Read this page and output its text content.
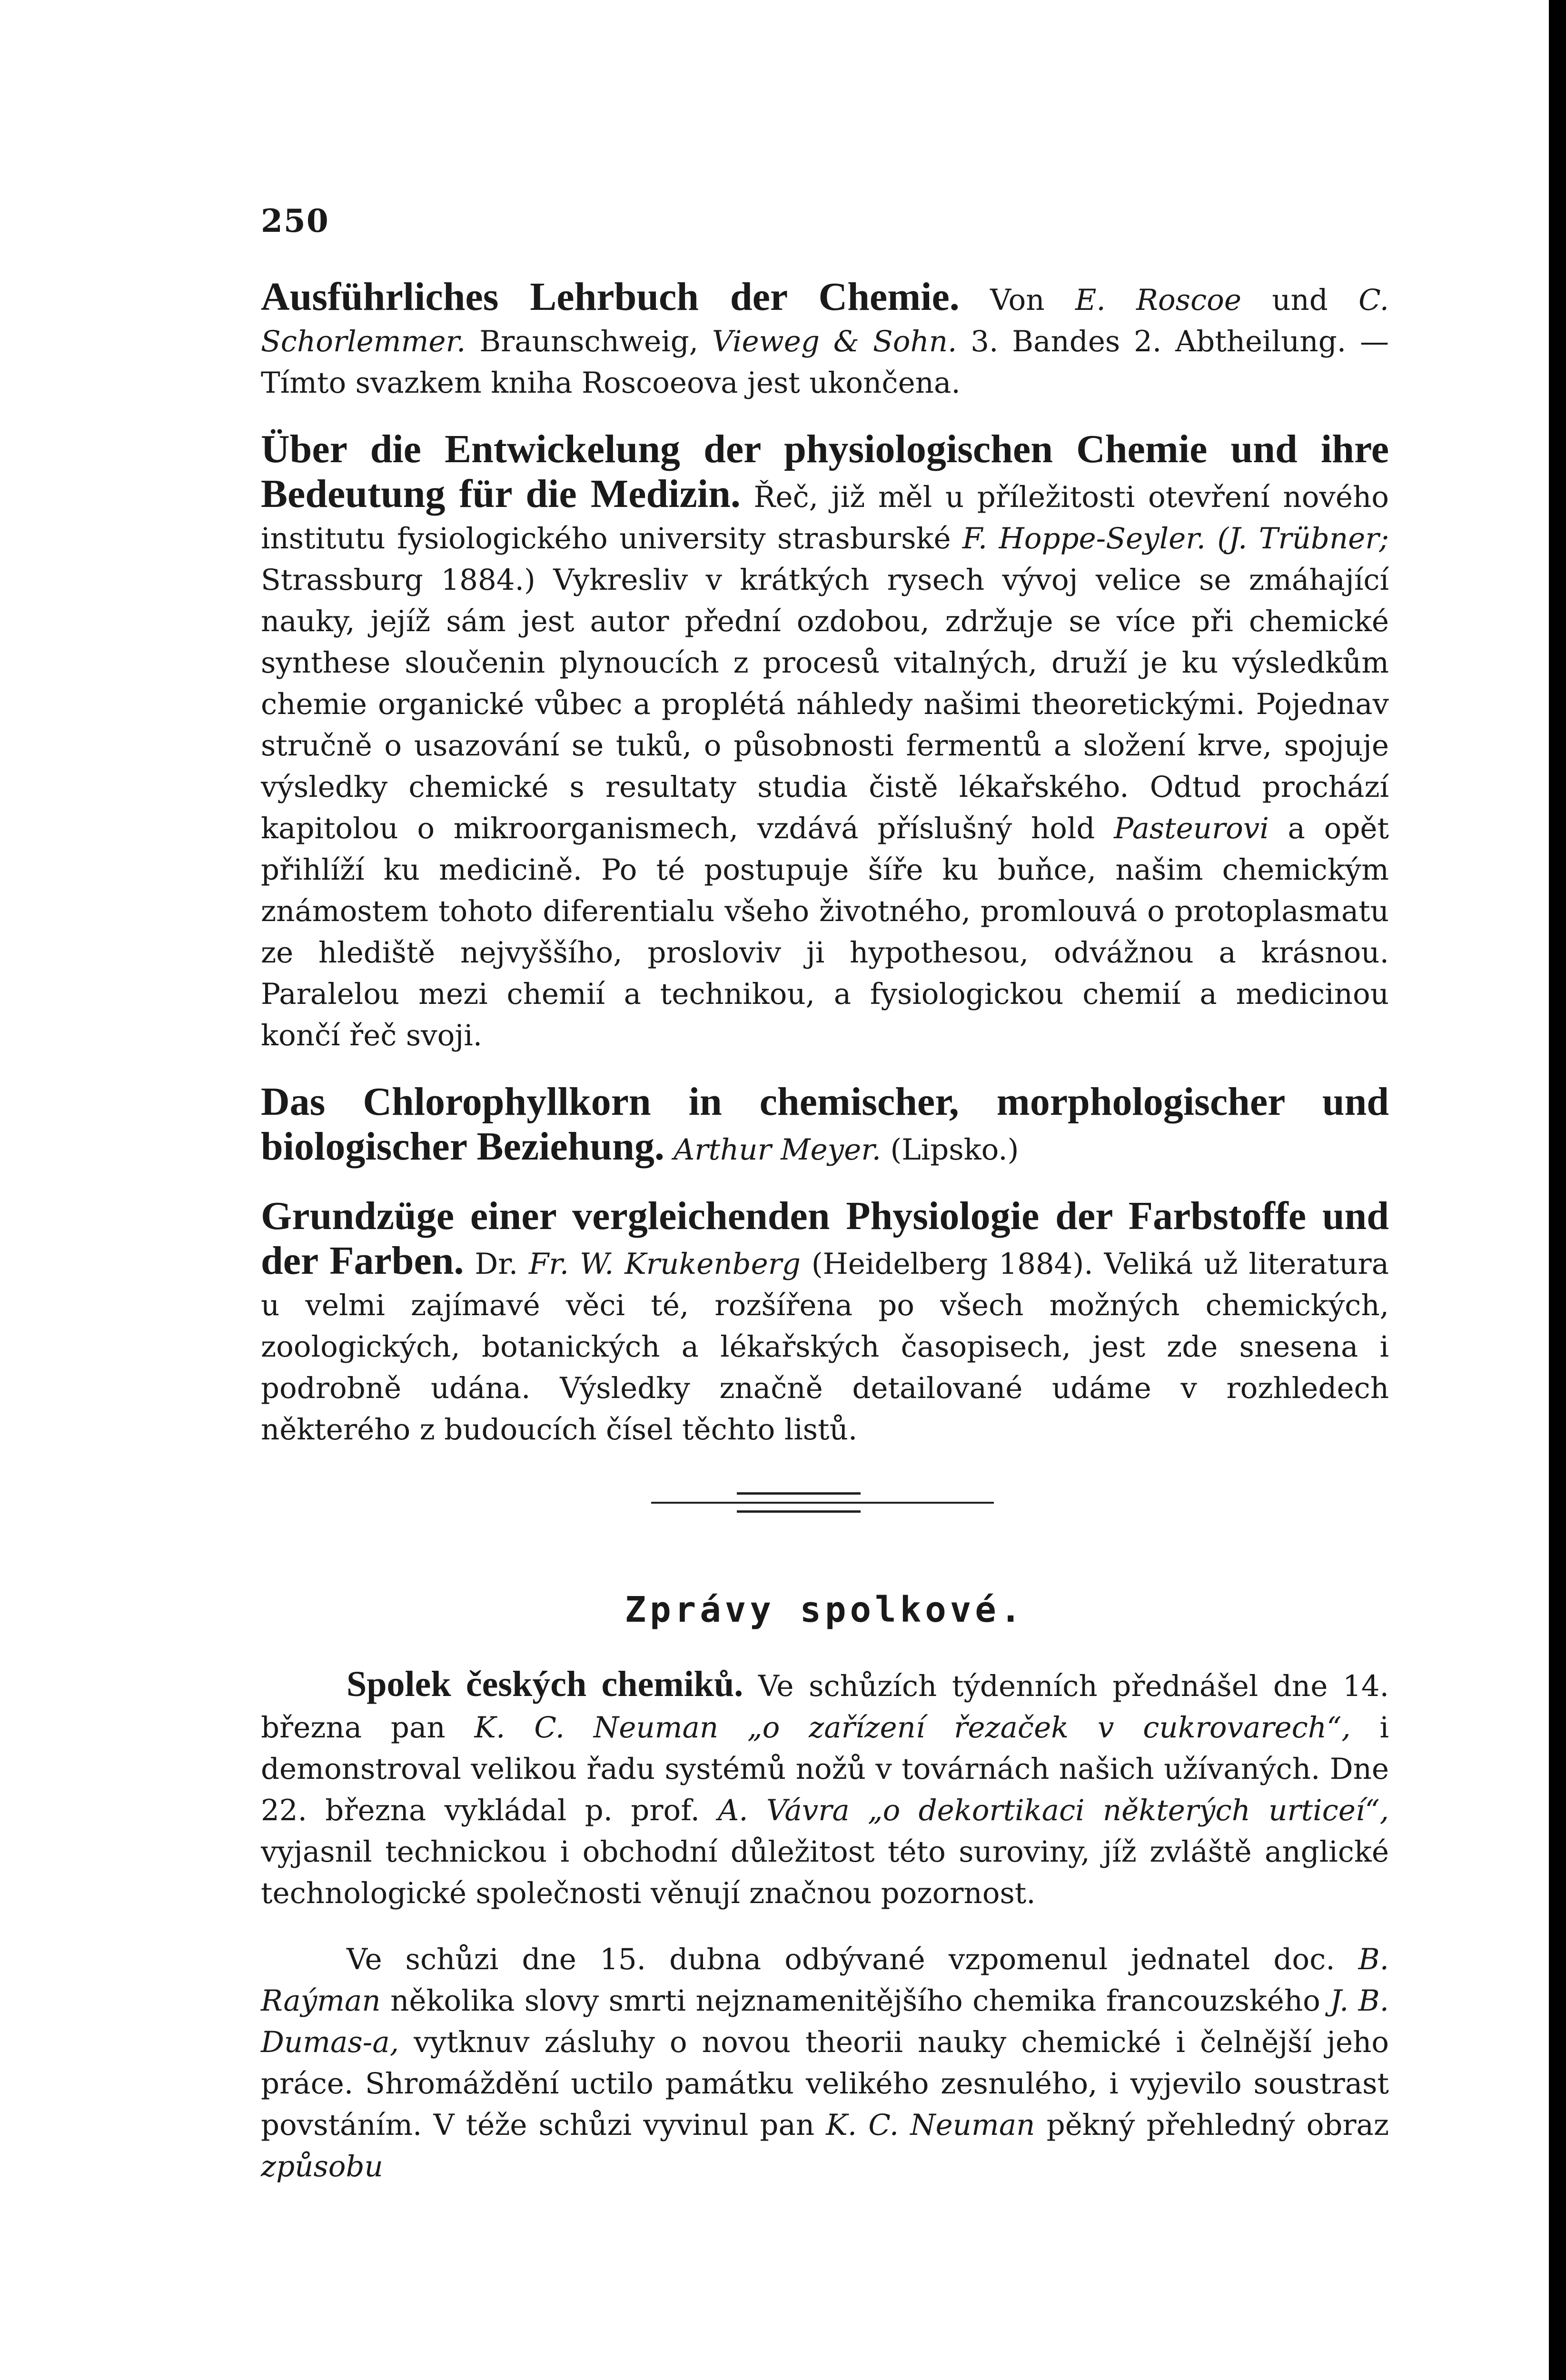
250

Ausführliches Lehrbuch der Chemie. Von E. Roscoe und C. Schorlemmer. Braunschweig, Vieweg & Sohn. 3. Bandes 2. Abtheilung. — Tímto svazkem kniha Roscoeova jest ukončena.

Über die Entwickelung der physiologischen Chemie und ihre Bedeutung für die Medizin. Řeč, již měl u příležitosti otevření nového institutu fysiologického university strasburské F. Hoppe-Seyler. (J. Trübner; Strassburg 1884.) Vykresliv v krátkých rysech vývoj velice se zmáhající nauky, jejíž sám jest autor přední ozdobou, zdržuje se více při chemické synthese sloučenin plynoucích z procesů vitalných, druží je ku výsledkům chemie organické vůbec a proplétá náhledy našimi theoretickými. Pojednav stručně o usazování se tuků, o působnosti fermentů a složení krve, spojuje výsledky chemické s resultaty studia čistě lékařského. Odtud prochází kapitolou o mikroorganismech, vzdává příslušný hold Pasteurovi a opět přihlíží ku medicině. Po té postupuje šíře ku buňce, našim chemickým známostem tohoto diferentialu všeho životného, promlouvá o protoplasmatu ze hlediště nejvyššího, prosloviv ji hypothesou, odvážnou a krásnou. Paralelou mezi chemií a technikou, a fysiologickou chemií a medicinou končí řeč svoji.

Das Chlorophyllkorn in chemischer, morphologischer und biologischer Beziehung. Arthur Meyer. (Lipsko.)

Grundzüge einer vergleichenden Physiologie der Farbstoffe und der Farben. Dr. Fr. W. Krukenberg (Heidelberg 1884). Veliká už literatura u velmi zajímavé věci té, rozšířena po všech možných chemických, zoologických, botanických a lékařských časopisech, jest zde snesena i podrobně udána. Výsledky značně detailované udáme v rozhledech některého z budoucích čísel těchto listů.

Zprávy spolkové.

Spolek českých chemiků. Ve schůzích týdenních přednášel dne 14. března pan K. C. Neuman „o zařízení řezaček v cukrovarech“, i demonstroval velikou řadu systémů nožů v továrnách našich užívaných. Dne 22. března vykládal p. prof. A. Vávra „o dekortikaci některých urticeí“, vyjasnil technickou i obchodní důležitost této suroviny, jíž zvláště anglické technologické společnosti věnují značnou pozornost.

Ve schůzi dne 15. dubna odbývané vzpomenul jednatel doc. B. Raýman několika slovy smrti nejznamenitějšího chemika francouzského J. B. Dumas-a, vytknuv zásluhy o novou theorii nauky chemické i čelnější jeho práce. Shromáždění uctilo památku velikého zesnulého, i vyjevilo soustrast povstáním. V téže schůzi vyvinul pan K. C. Neuman pěkný přehledný obraz způsobu
